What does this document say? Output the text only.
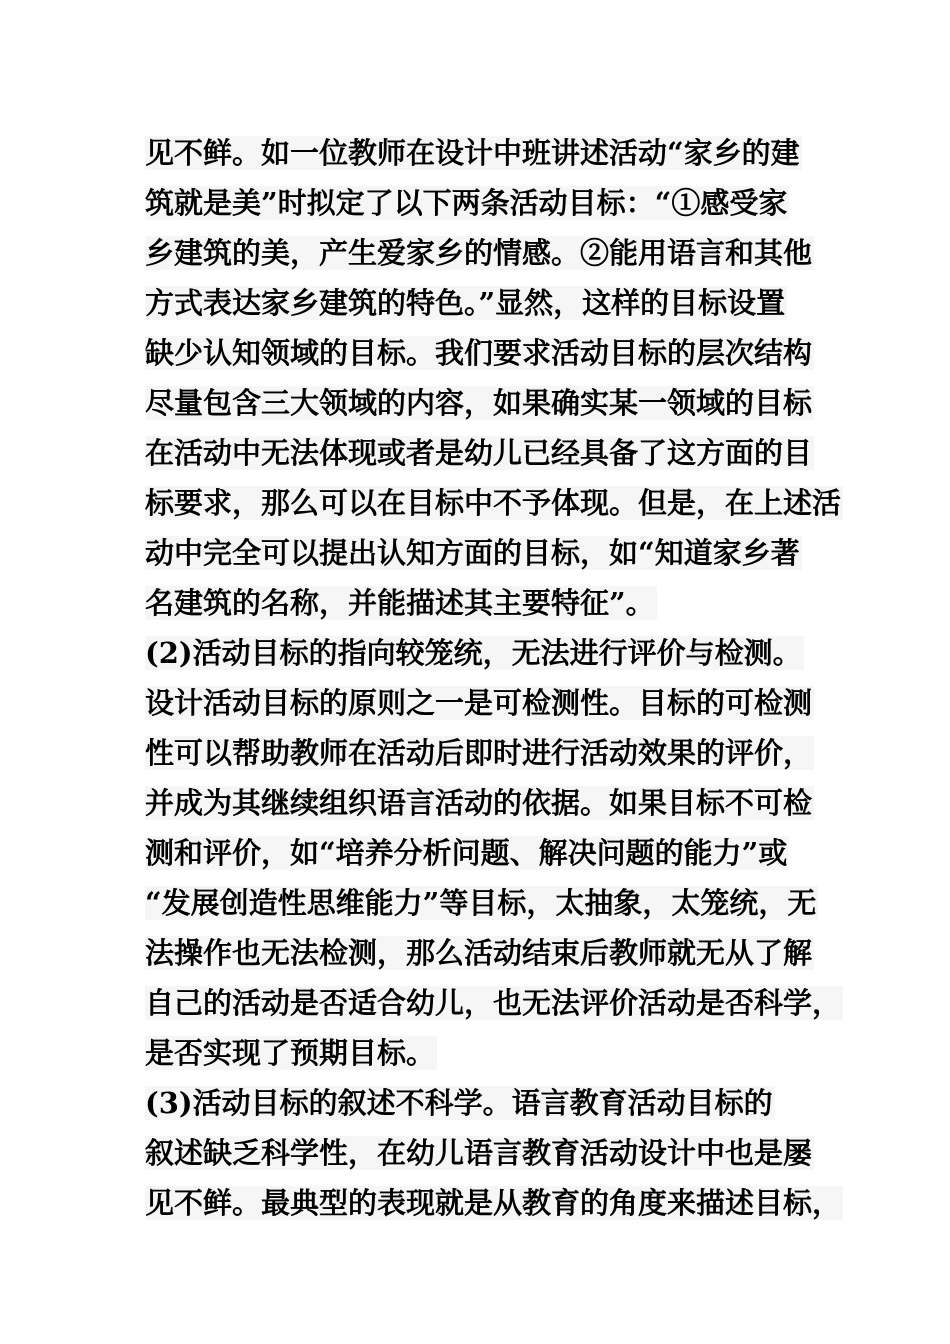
见不鲜。如一位教师在设计中班讲述活动“家乡的建
筑就是美”时拟定了以下两条活动目标：“①感受家
乡建筑的美，产生爱家乡的情感。②能用语言和其他
方式表达家乡建筑的特色。”显然，这样的目标设置
缺少认知领域的目标。我们要求活动目标的层次结构
尽量包含三大领域的内容，如果确实某一领域的目标
在活动中无法体现或者是幼儿已经具备了这方面的目
标要求，那么可以在目标中不予体现。但是，在上述活
动中完全可以提出认知方面的目标，如“知道家乡著
名建筑的名称，并能描述其主要特征”。
(2)活动目标的指向较笼统，无法进行评价与检测。
设计活动目标的原则之一是可检测性。目标的可检测
性可以帮助教师在活动后即时进行活动效果的评价，
并成为其继续组织语言活动的依据。如果目标不可检
测和评价，如“培养分析问题、解决问题的能力”或
“发展创造性思维能力”等目标，太抽象，太笼统，无
法操作也无法检测，那么活动结束后教师就无从了解
自己的活动是否适合幼儿，也无法评价活动是否科学，
是否实现了预期目标。
(3)活动目标的叙述不科学。语言教育活动目标的
叙述缺乏科学性，在幼儿语言教育活动设计中也是屡
见不鲜。最典型的表现就是从教育的角度来描述目标，
